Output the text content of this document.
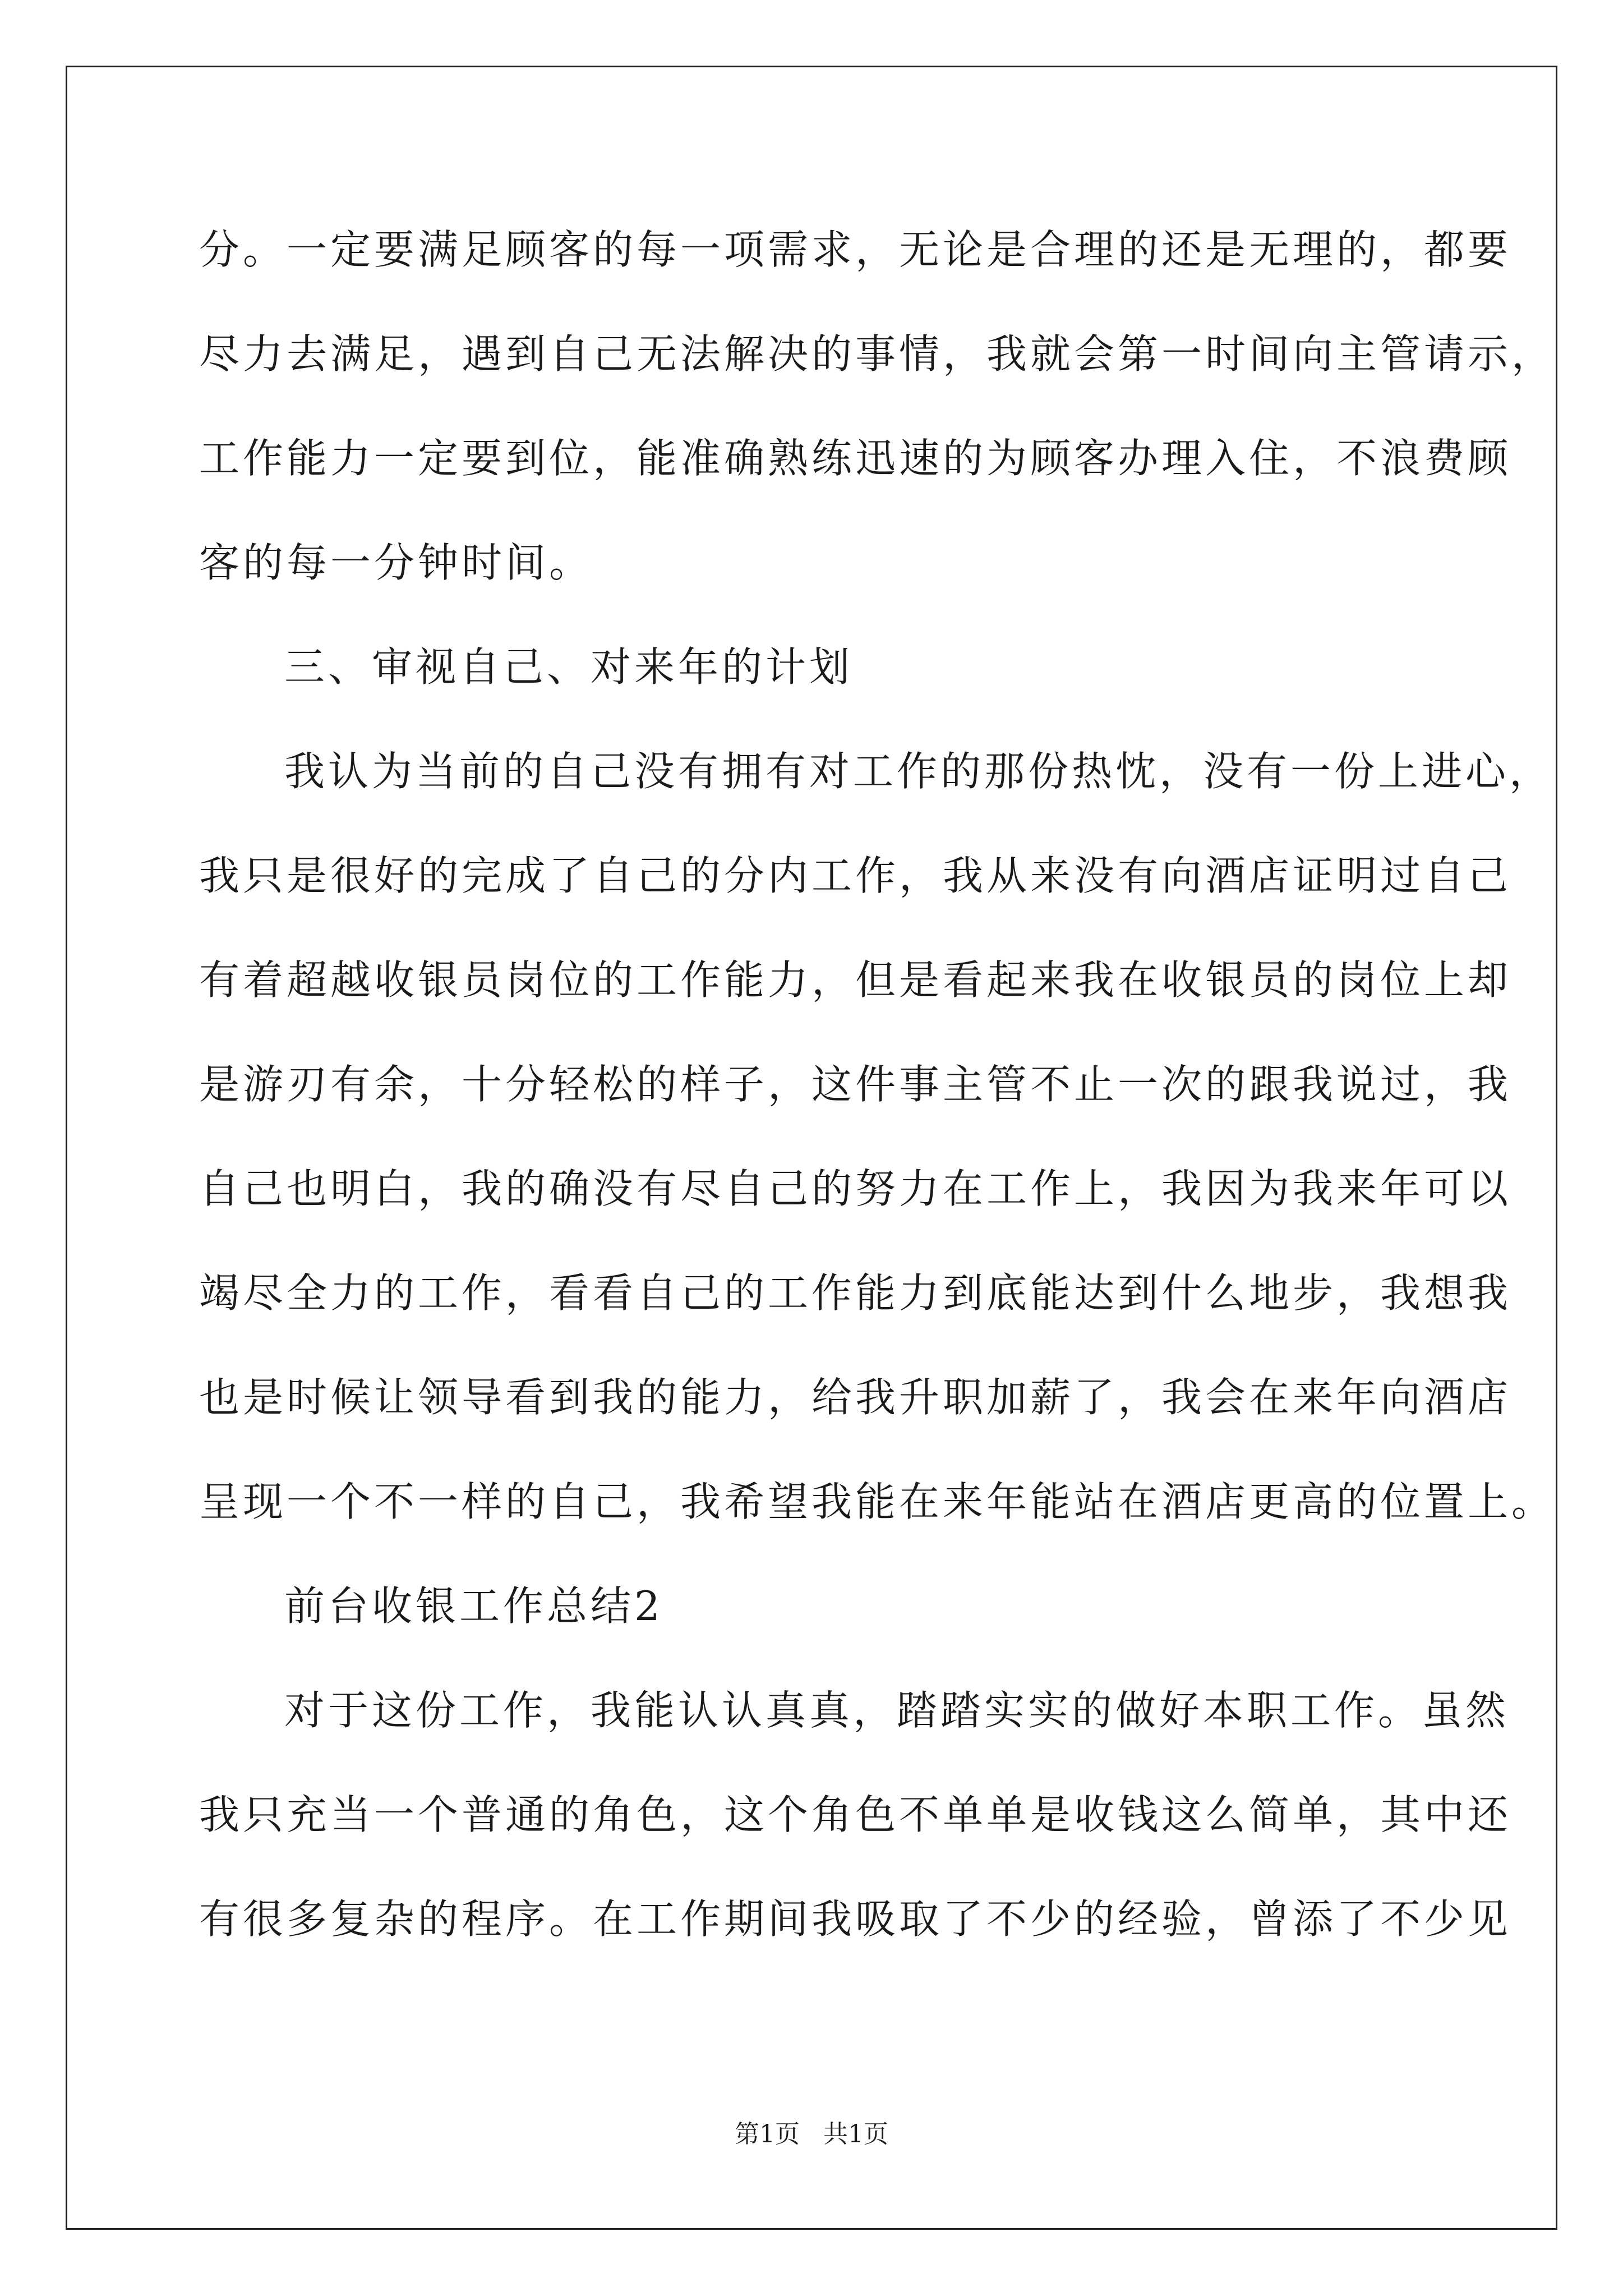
分。一定要满足顾客的每一项需求，无论是合理的还是无理的，都要
尽力去满足，遇到自己无法解决的事情，我就会第一时间向主管请示，
工作能力一定要到位，能准确熟练迅速的为顾客办理入住，不浪费顾
客的每一分钟时间。
三、审视自己、对来年的计划
我认为当前的自己没有拥有对工作的那份热忱，没有一份上进心，
我只是很好的完成了自己的分内工作，我从来没有向酒店证明过自己
有着超越收银员岗位的工作能力，但是看起来我在收银员的岗位上却
是游刃有余，十分轻松的样子，这件事主管不止一次的跟我说过，我
自己也明白，我的确没有尽自己的努力在工作上，我因为我来年可以
竭尽全力的工作，看看自己的工作能力到底能达到什么地步，我想我
也是时候让领导看到我的能力，给我升职加薪了，我会在来年向酒店
呈现一个不一样的自己，我希望我能在来年能站在酒店更高的位置上。
前台收银工作总结2
对于这份工作，我能认认真真，踏踏实实的做好本职工作。虽然
我只充当一个普通的角色，这个角色不单单是收钱这么简单，其中还
有很多复杂的程序。在工作期间我吸取了不少的经验，曾添了不少见
第1页   共1页
